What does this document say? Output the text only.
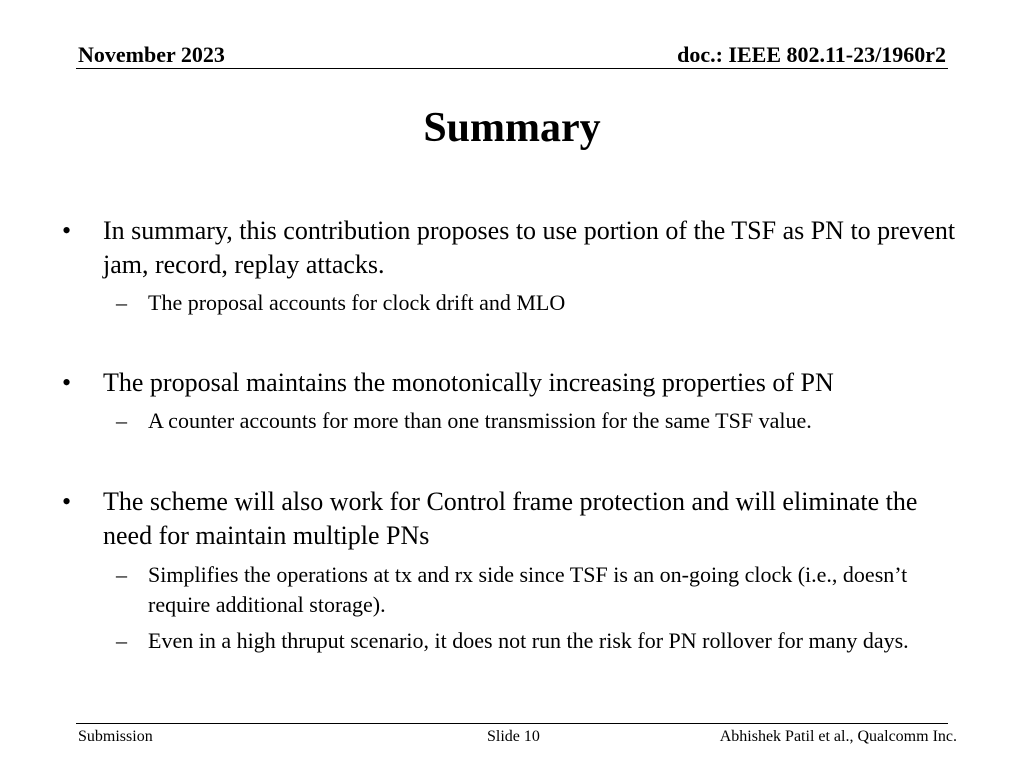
November 2023	doc.: IEEE 802.11-23/1960r2
Summary
• In summary, this contribution proposes to use portion of the TSF as PN to prevent jam, record, replay attacks.
– The proposal accounts for clock drift and MLO
• The proposal maintains the monotonically increasing properties of PN
– A counter accounts for more than one transmission for the same TSF value.
• The scheme will also work for Control frame protection and will eliminate the need for maintain multiple PNs
– Simplifies the operations at tx and rx side since TSF is an on-going clock (i.e., doesn’t require additional storage).
– Even in a high thruput scenario, it does not run the risk for PN rollover for many days.
Submission	Slide 10	Abhishek Patil et al., Qualcomm Inc.
